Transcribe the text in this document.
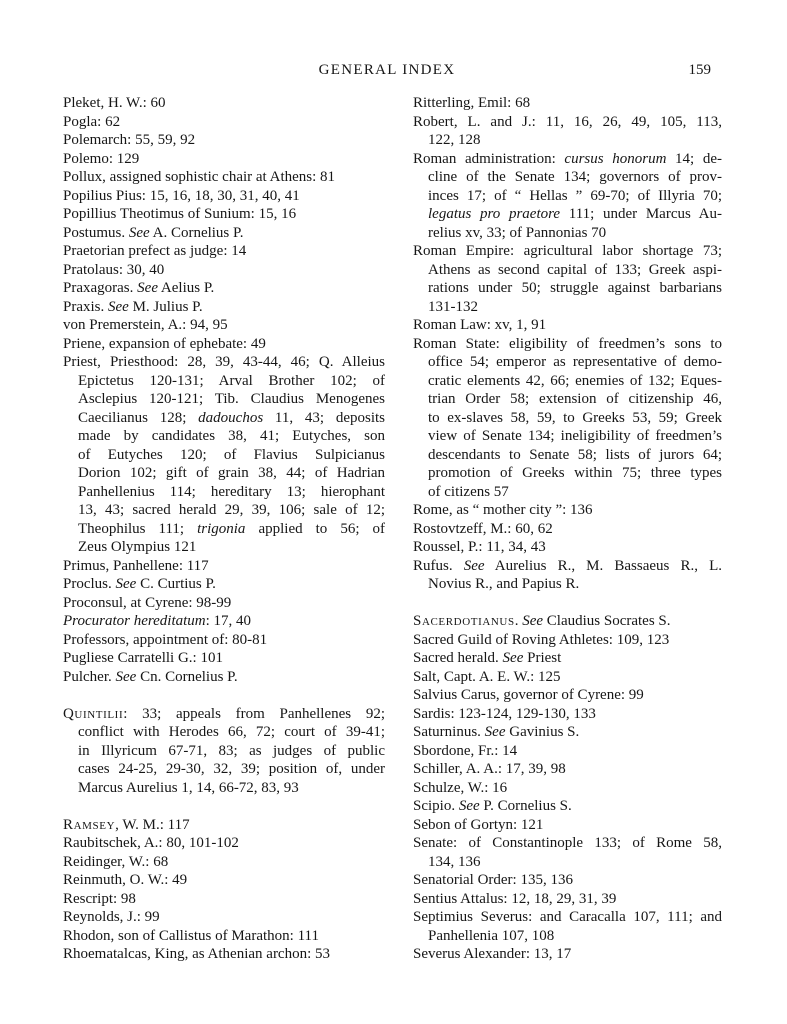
GENERAL INDEX	159
Pleket, H. W.: 60
Pogla: 62
Polemarch: 55, 59, 92
Polemo: 129
Pollux, assigned sophistic chair at Athens: 81
Popilius Pius: 15, 16, 18, 30, 31, 40, 41
Popillius Theotimus of Sunium: 15, 16
Postumus. See A. Cornelius P.
Praetorian prefect as judge: 14
Pratolaus: 30, 40
Praxagoras. See Aelius P.
Praxis. See M. Julius P.
von Premerstein, A.: 94, 95
Priene, expansion of ephebate: 49
Priest, Priesthood: 28, 39, 43-44, 46; Q. Alleius
Epictetus 120-131; Arval Brother 102; of
Asclepius 120-121; Tib. Claudius Menogenes
Caecilianus 128; dadouchos 11, 43; deposits
made by candidates 38, 41; Eutyches, son
of Eutyches 120; of Flavius Sulpicianus
Dorion 102; gift of grain 38, 44; of Hadrian
Panhellenius 114; hereditary 13; hierophant
13, 43; sacred herald 29, 39, 106; sale of 12;
Theophilus 111; trigonia applied to 56; of
Zeus Olympius 121
Primus, Panhellene: 117
Proclus. See C. Curtius P.
Proconsul, at Cyrene: 98-99
Procurator hereditatum: 17, 40
Professors, appointment of: 80-81
Pugliese Carratelli G.: 101
Pulcher. See Cn. Cornelius P.
Quintilii: 33; appeals from Panhellenes 92;
conflict with Herodes 66, 72; court of 39-41;
in Illyricum 67-71, 83; as judges of public
cases 24-25, 29-30, 32, 39; position of, under
Marcus Aurelius 1, 14, 66-72, 83, 93
Ramsey, W. M.: 117
Raubitschek, A.: 80, 101-102
Reidinger, W.: 68
Reinmuth, O. W.: 49
Rescript: 98
Reynolds, J.: 99
Rhodon, son of Callistus of Marathon: 111
Rhoematalcas, King, as Athenian archon: 53
Ritterling, Emil: 68
Robert, L. and J.: 11, 16, 26, 49, 105, 113,
122, 128
Roman administration: cursus honorum 14; de-
cline of the Senate 134; governors of prov-
inces 17; of “ Hellas ” 69-70; of Illyria 70;
legatus pro praetore 111; under Marcus Au-
relius xv, 33; of Pannonias 70
Roman Empire: agricultural labor shortage 73;
Athens as second capital of 133; Greek aspi-
rations under 50; struggle against barbarians
131-132
Roman Law: xv, 1, 91
Roman State: eligibility of freedmen’s sons to
office 54; emperor as representative of demo-
cratic elements 42, 66; enemies of 132; Eques-
trian Order 58; extension of citizenship 46,
to ex-slaves 58, 59, to Greeks 53, 59; Greek
view of Senate 134; ineligibility of freedmen’s
descendants to Senate 58; lists of jurors 64;
promotion of Greeks within 75; three types
of citizens 57
Rome, as “ mother city ”: 136
Rostovtzeff, M.: 60, 62
Roussel, P.: 11, 34, 43
Rufus. See Aurelius R., M. Bassaeus R., L.
Novius R., and Papius R.
Sacerdotianus. See Claudius Socrates S.
Sacred Guild of Roving Athletes: 109, 123
Sacred herald. See Priest
Salt, Capt. A. E. W.: 125
Salvius Carus, governor of Cyrene: 99
Sardis: 123-124, 129-130, 133
Saturninus. See Gavinius S.
Sbordone, Fr.: 14
Schiller, A. A.: 17, 39, 98
Schulze, W.: 16
Scipio. See P. Cornelius S.
Sebon of Gortyn: 121
Senate: of Constantinople 133; of Rome 58,
134, 136
Senatorial Order: 135, 136
Sentius Attalus: 12, 18, 29, 31, 39
Septimius Severus: and Caracalla 107, 111; and
Panhellenia 107, 108
Severus Alexander: 13, 17
